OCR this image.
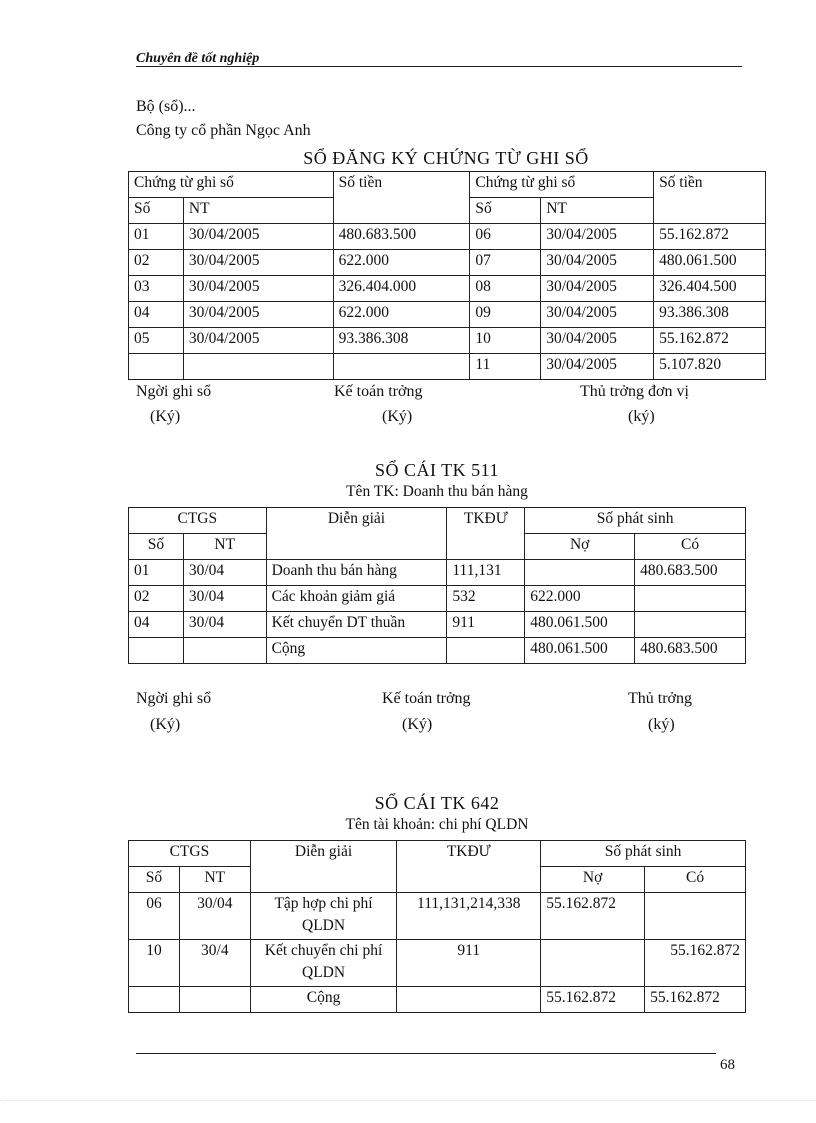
Chuyên đề tốt nghiệp
Bộ (sổ)...
Công ty cổ phần Ngọc Anh
SỔ ĐĂNG KÝ CHỨNG TỪ GHI SỔ
Chứng từ ghi sổ		Số tiền	Chứng từ ghi sổ		Số tiền
Số	NT		Số	NT	
01	30/04/2005	480.683.500	06	30/04/2005	55.162.872
02	30/04/2005	622.000	07	30/04/2005	480.061.500
03	30/04/2005	326.404.000	08	30/04/2005	326.404.500
04	30/04/2005	622.000	09	30/04/2005	93.386.308
05	30/04/2005	93.386.308	10	30/04/2005	55.162.872
			11	30/04/2005	5.107.820
Ngời ghi sổ	Kế toán trởng	Thủ trởng đơn vị
(Ký)	(Ký)	(ký)
SỔ CÁI TK 511
Tên TK: Doanh thu bán hàng
CTGS		Diễn giải	TKĐƯ	Số phát sinh	
Số	NT			Nợ	Có
01	30/04	Doanh thu bán hàng	111,131		480.683.500
02	30/04	Các khoản giảm giá	532	622.000	
04	30/04	Kết chuyển DT thuần	911	480.061.500	
		Cộng		480.061.500	480.683.500
Ngời ghi sổ	Kế toán trởng	Thủ trởng
(Ký)	(Ký)	(ký)
SỔ CÁI TK 642
Tên tài khoản: chi phí QLDN
CTGS		Diễn giải	TKĐƯ	Số phát sinh	
Số	NT			Nợ	Có
06	30/04	Tập hợp chi phí QLDN	111,131,214,338	55.162.872	
10	30/4	Kết chuyển chi phí QLDN	911		55.162.872
		Cộng		55.162.872	55.162.872
68
